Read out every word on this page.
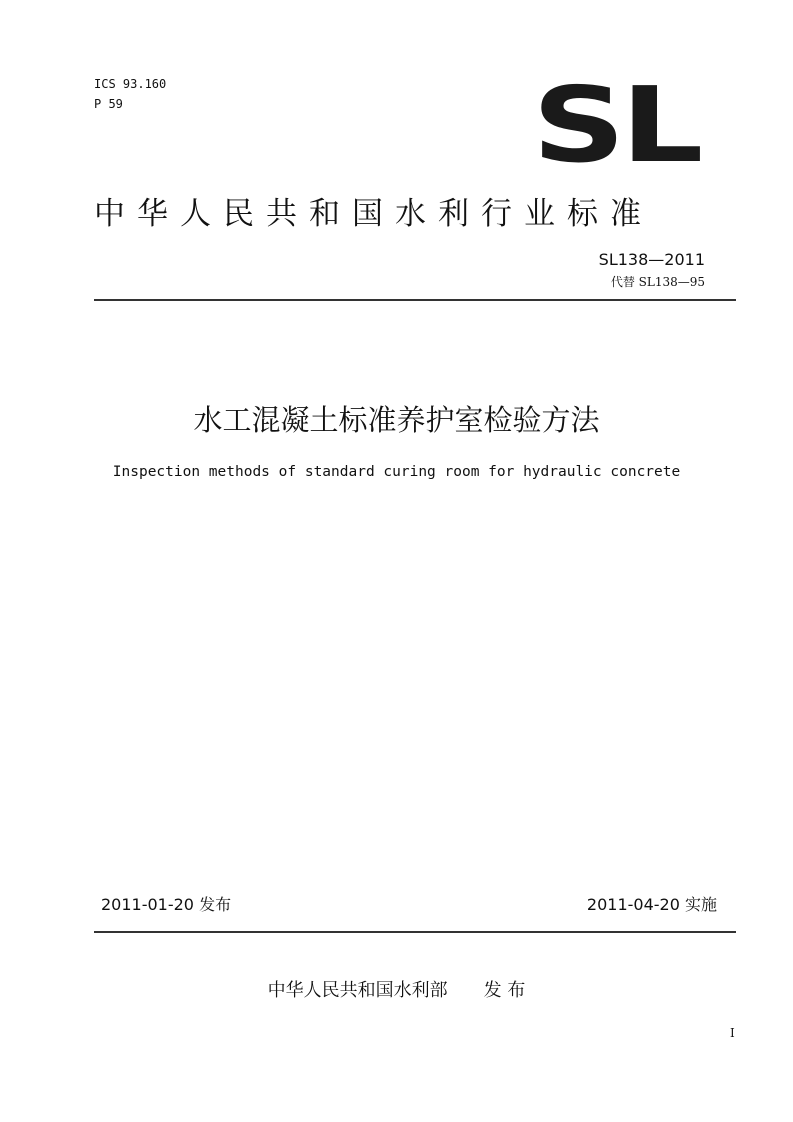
ICS 93.160
P 59	SL
中华人民共和国水利行业标准
SL138—2011
代替 SL138—95
水工混凝土标准养护室检验方法
Inspection methods of standard curing room for hydraulic concrete
2011-01-20 发布	2011-04-20 实施
中华人民共和国水利部　　发 布
I
